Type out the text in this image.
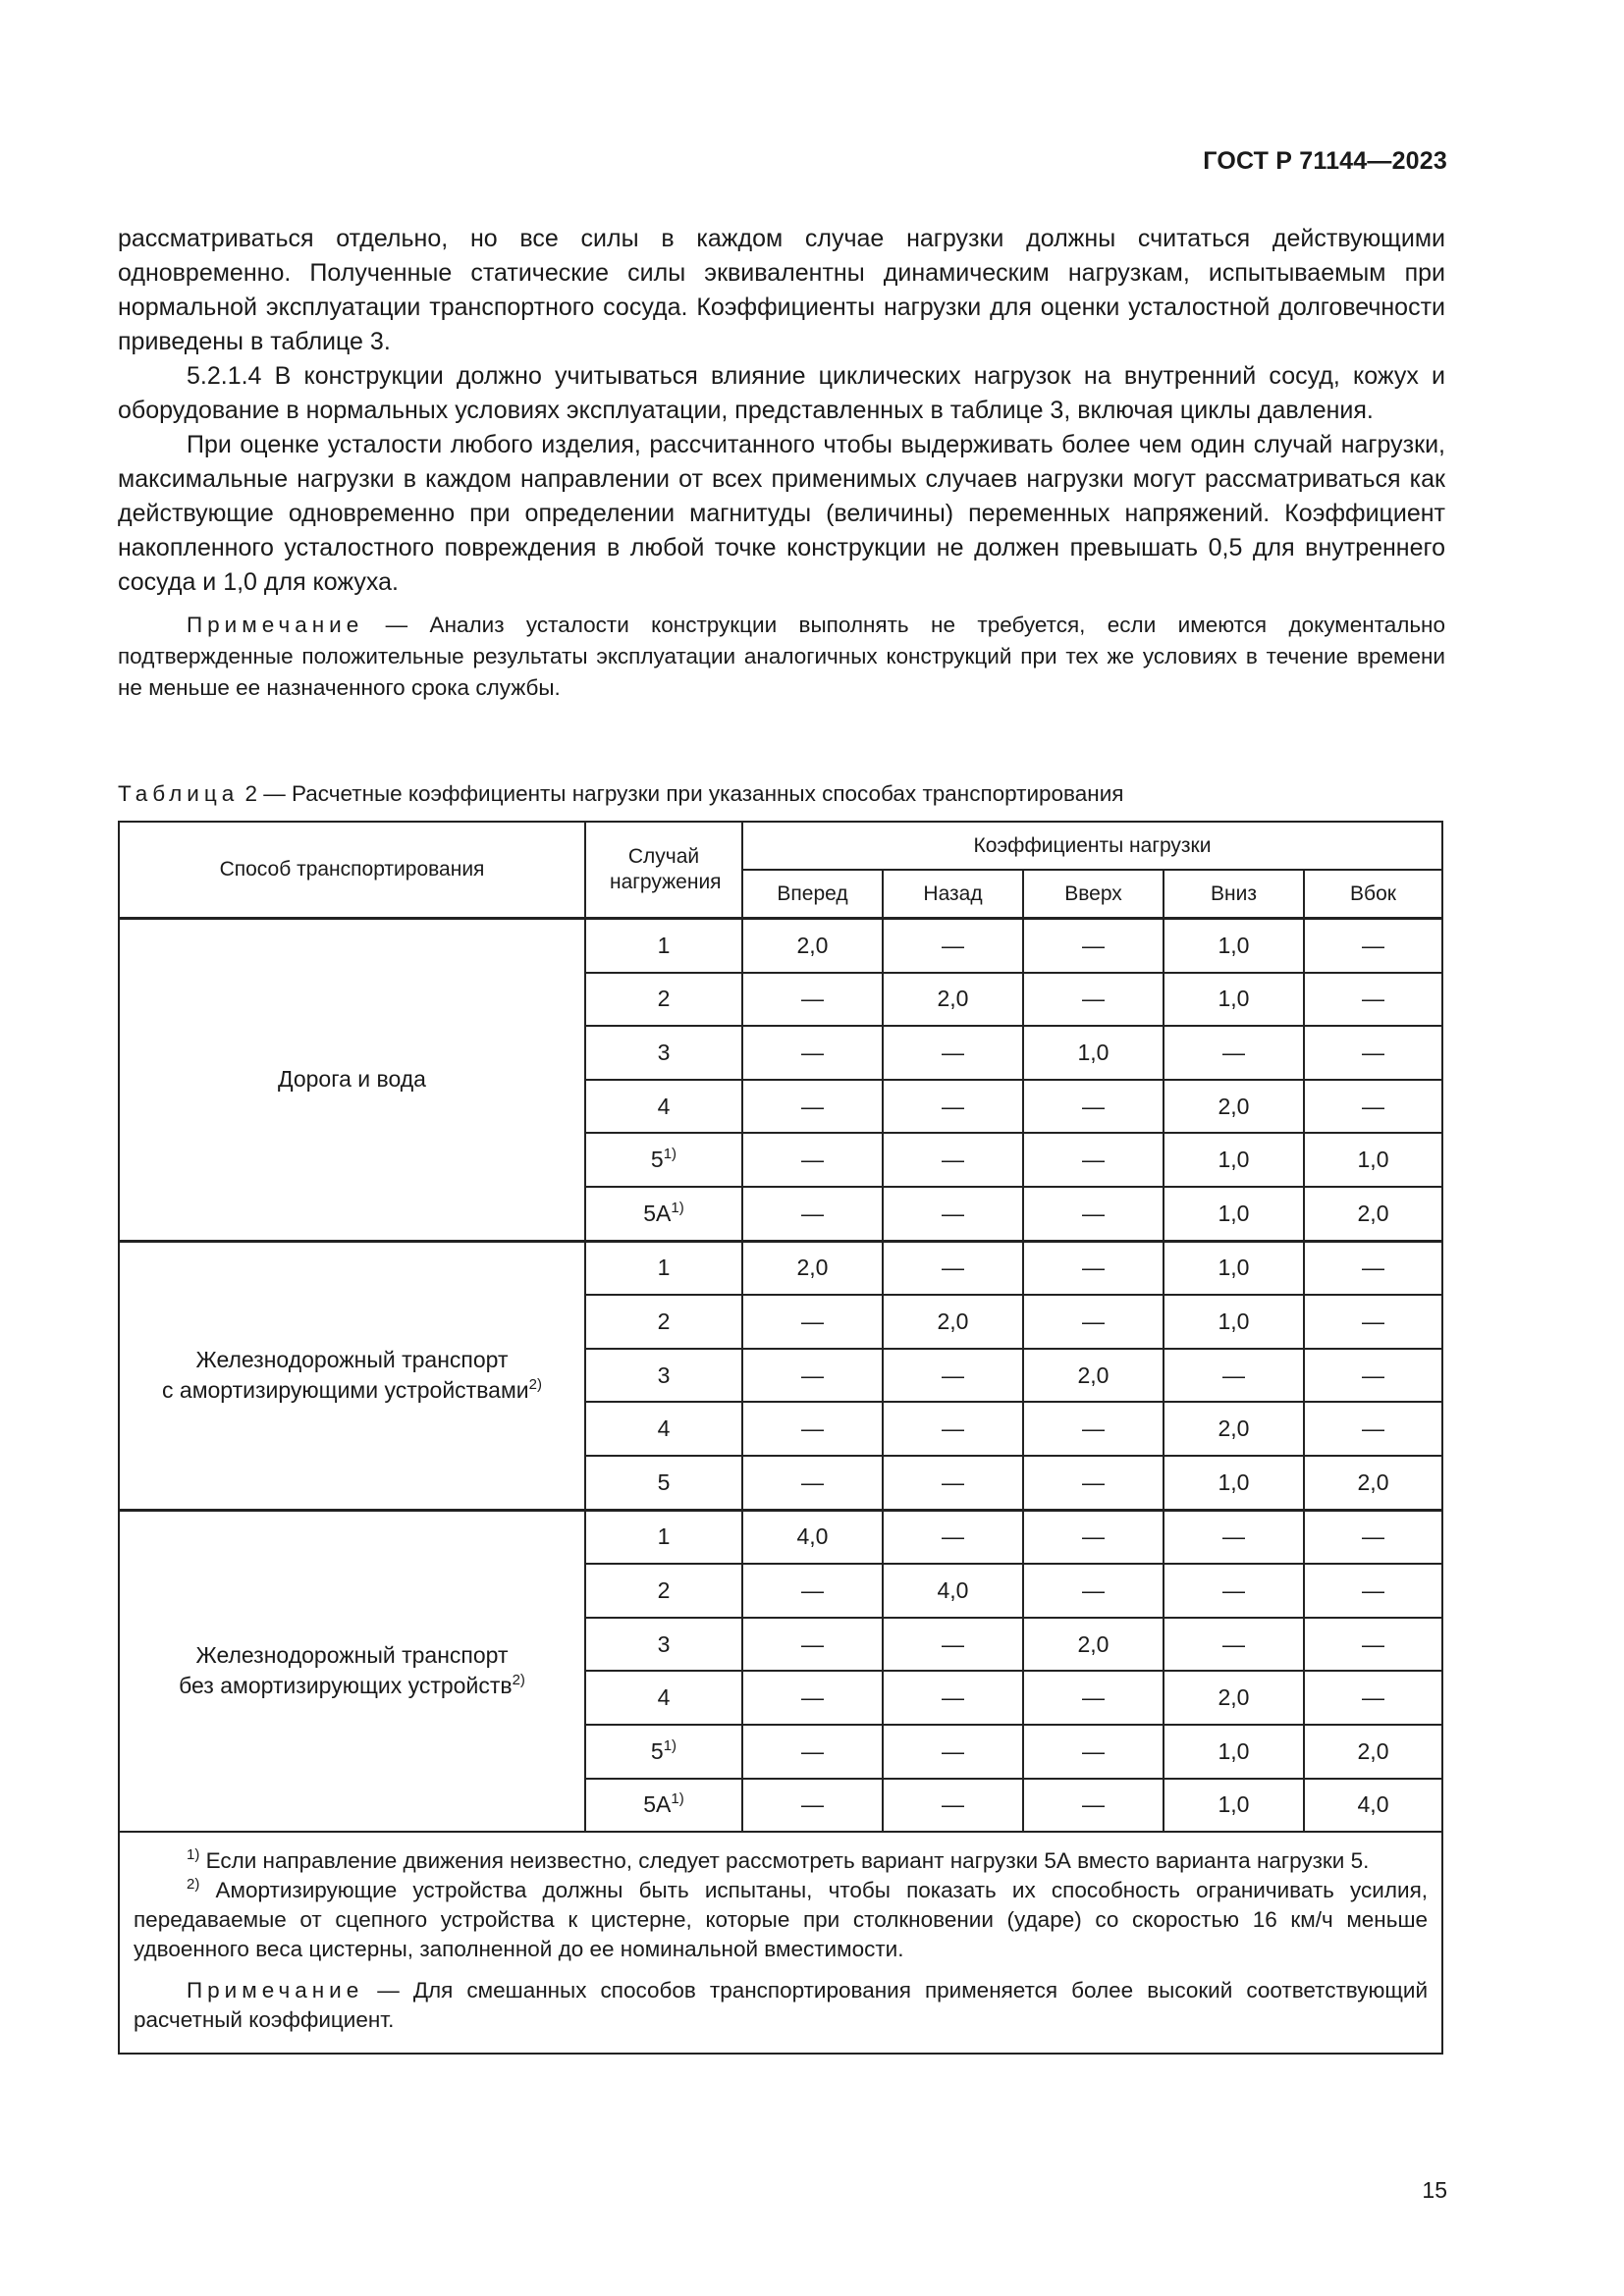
ГОСТ Р 71144—2023

рассматриваться отдельно, но все силы в каждом случае нагрузки должны считаться действующими одновременно. Полученные статические силы эквивалентны динамическим нагрузкам, испытываемым при нормальной эксплуатации транспортного сосуда. Коэффициенты нагрузки для оценки усталостной долговечности приведены в таблице 3.

5.2.1.4 В конструкции должно учитываться влияние циклических нагрузок на внутренний сосуд, кожух и оборудование в нормальных условиях эксплуатации, представленных в таблице 3, включая циклы давления.

При оценке усталости любого изделия, рассчитанного чтобы выдерживать более чем один случай нагрузки, максимальные нагрузки в каждом направлении от всех применимых случаев нагрузки могут рассматриваться как действующие одновременно при определении магнитуды (величины) переменных напряжений. Коэффициент накопленного усталостного повреждения в любой точке конструкции не должен превышать 0,5 для внутреннего сосуда и 1,0 для кожуха.

Примечание — Анализ усталости конструкции выполнять не требуется, если имеются документально подтвержденные положительные результаты эксплуатации аналогичных конструкций при тех же условиях в течение времени не меньше ее назначенного срока службы.

Таблица 2 — Расчетные коэффициенты нагрузки при указанных способах транспортирования
Способ транспортирования	Случай нагружения	Коэффициенты нагрузки				
		Вперед	Назад	Вверх	Вниз	Вбок
Дорога и вода	1	2,0	—	—	1,0	—
	2	—	2,0	—	1,0	—
	3	—	—	1,0	—	—
	4	—	—	—	2,0	—
	5$^{1)}$	—	—	—	1,0	1,0
	$5А^{1)}$	—	—	—	1,0	2,0
Железнодорожный транспорт
с амортизирующими устройствами$^{2)}$	1	2,0	—	—	1,0	—
	2	—	2,0	—	1,0	—
	3	—	—	2,0	—	—
	4	—	—	—	2,0	—
	5	—	—	—	1,0	2,0
Железнодорожный транспорт
без амортизирующих устройств$^{2)}$	1	4,0	—	—	—	—
	2	—	4,0	—	—	—
	3	—	—	2,0	—	—
	4	—	—	—	2,0	—
	5$^{1)}$	—	—	—	1,0	2,0
	$5А^{1)}$	—	—	—	1,0	4,0

$^{1)}$ Если направление движения неизвестно, следует рассмотреть вариант нагрузки 5А вместо варианта нагрузки 5.

$^{2)}$ Амортизирующие устройства должны быть испытаны, чтобы показать их способность ограничивать усилия, передаваемые от сцепного устройства к цистерне, которые при столкновении (ударе) со скоростью 16 км/ч меньше удвоенного веса цистерны, заполненной до ее номинальной вместимости.

Примечание — Для смешанных способов транспортирования применяется более высокий соответствующий расчетный коэффициент.						

15
